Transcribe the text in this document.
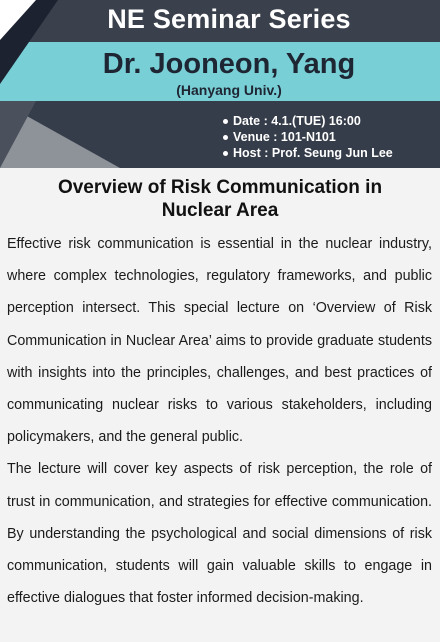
NE Seminar Series
Dr. Jooneon, Yang
(Hanyang Univ.)
Date : 4.1.(TUE) 16:00
Venue : 101-N101
Host : Prof. Seung Jun Lee
Overview of Risk Communication in Nuclear Area

Effective risk communication is essential in the nuclear industry, where complex technologies, regulatory frameworks, and public perception intersect. This special lecture on ‘Overview of Risk Communication in Nuclear Area’ aims to provide graduate students with insights into the principles, challenges, and best practices of communicating nuclear risks to various stakeholders, including policymakers, and the general public.

The lecture will cover key aspects of risk perception, the role of trust in communication, and strategies for effective communication. By understanding the psychological and social dimensions of risk communication, students will gain valuable skills to engage in effective dialogues that foster informed decision-making.
